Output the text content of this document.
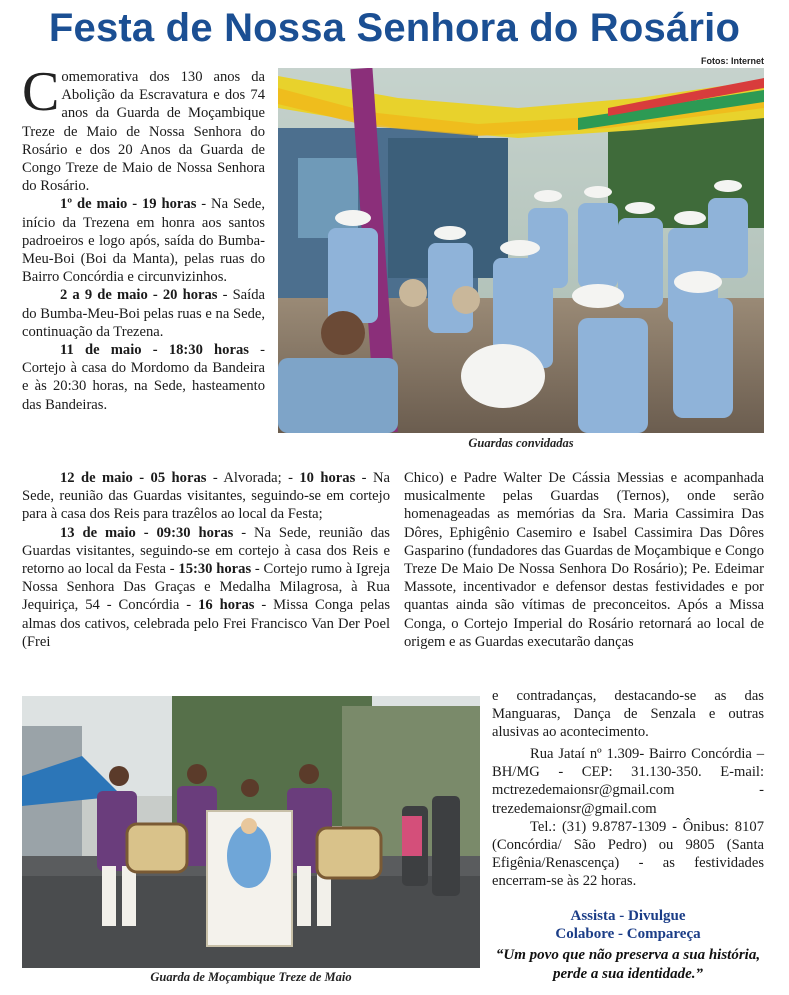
Festa de Nossa Senhora do Rosário
Fotos: Internet

Comemorativa dos 130 anos da Abolição da Escravatura e dos 74 anos da Guarda de Moçambique Treze de Maio de Nossa Senhora do Rosário e dos 20 Anos da Guarda de Congo Treze de Maio de Nossa Senhora do Rosário.

1º de maio - 19 horas - Na Sede, início da Trezena em honra aos santos padroeiros e logo após, saída do Bumba-Meu-Boi (Boi da Manta), pelas ruas do Bairro Concórdia e circunvizinhos.

2 a 9 de maio - 20 horas - Saída do Bumba-Meu-Boi pelas ruas e na Sede, continuação da Trezena.

11 de maio - 18:30 horas - Cortejo à casa do Mordomo da Bandeira e às 20:30 horas, na Sede, hasteamento das Bandeiras.

Guardas convidadas

12 de maio - 05 horas - Alvorada; - 10 horas - Na Sede, reunião das Guardas visitantes, seguindo-se em cortejo para à casa dos Reis para trazêlos ao local da Festa;

13 de maio - 09:30 horas - Na Sede, reunião das Guardas visitantes, seguindo-se em cortejo à casa dos Reis e retorno ao local da Festa - 15:30 horas - Cortejo rumo à Igreja Nossa Senhora Das Graças e Medalha Milagrosa, à Rua Jequiriça, 54 - Concórdia - 16 horas - Missa Conga pelas almas dos cativos, celebrada pelo Frei Francisco Van Der Poel (Frei

Chico) e Padre Walter De Cássia Messias e acompanhada musicalmente pelas Guardas (Ternos), onde serão homenageadas as memórias da Sra. Maria Cassimira Das Dôres, Ephigênio Casemiro e Isabel Cassimira Das Dôres Gasparino (fundadores das Guardas de Moçambique e Congo Treze De Maio De Nossa Senhora Do Rosário); Pe. Edeimar Massote, incentivador e defensor destas festividades e por quantas ainda são vítimas de preconceitos. Após a Missa Conga, o Cortejo Imperial do Rosário retornará ao local de origem e as Guardas executarão danças

Guarda de Moçambique Treze de Maio

e contradanças, destacando-se as das Manguaras, Dança de Senzala e outras alusivas ao acontecimento.

Rua Jataí nº 1.309- Bairro Concórdia – BH/MG - CEP: 31.130-350. E-mail: mctrezedemaionsr@gmail.com - trezedemaionsr@gmail.com

Tel.: (31) 9.8787-1309 - Ônibus: 8107 (Concórdia/ São Pedro) ou 9805 (Santa Efigênia/Renascença) - as festividades encerram-se às 22 horas.

Assista - Divulgue
Colabore - Compareça
“Um povo que não preserva a sua história, perde a sua identidade.”
